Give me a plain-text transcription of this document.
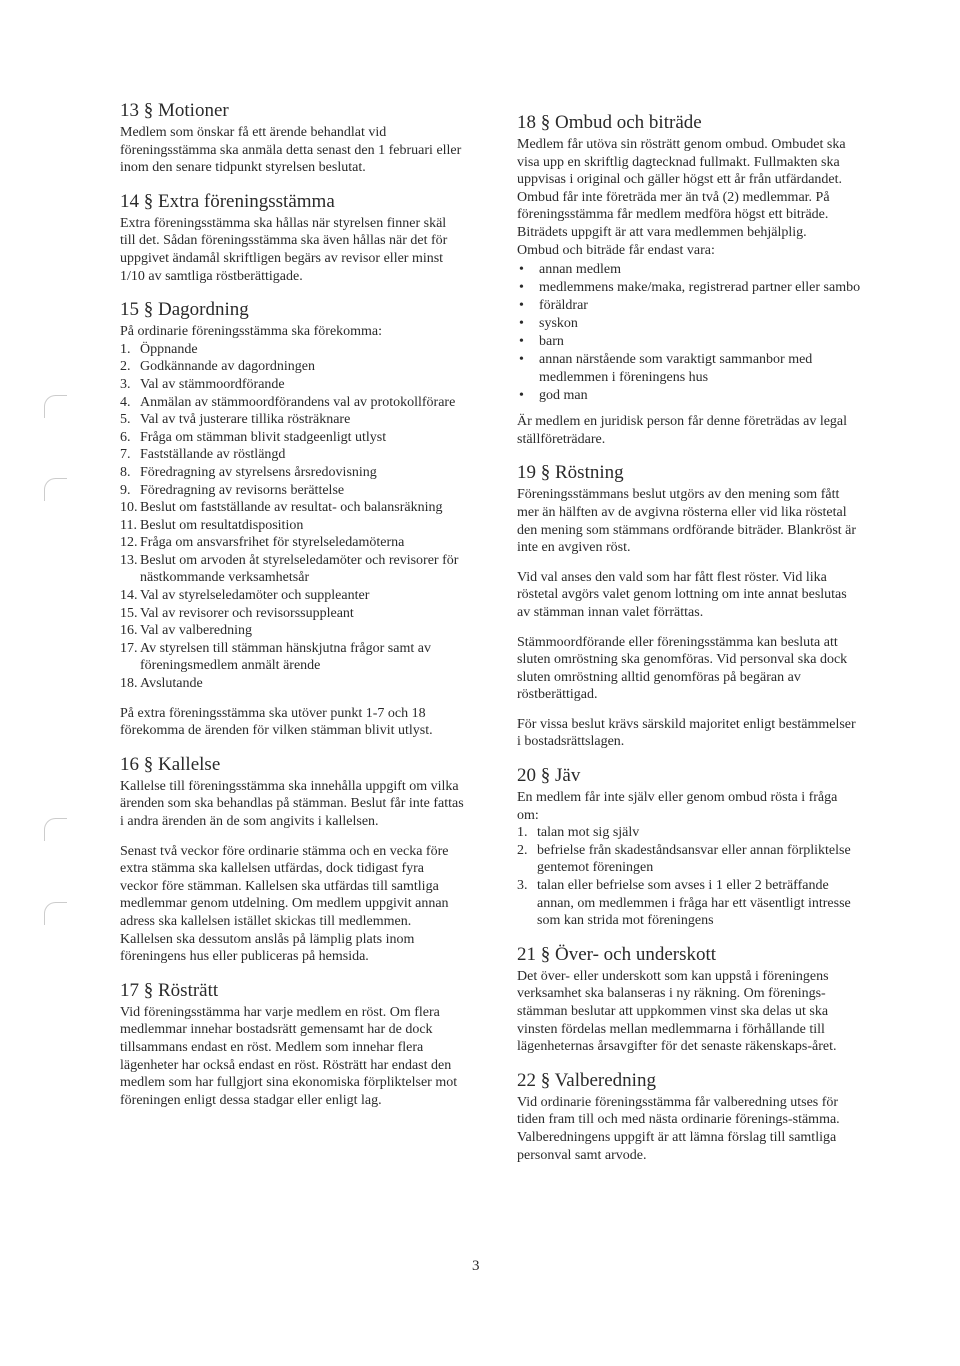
13 § Motioner

Medlem som önskar få ett ärende behandlat vid föreningsstämma ska anmäla detta senast den 1 februari eller inom den senare tidpunkt styrelsen beslutat.

14 § Extra föreningsstämma

Extra föreningsstämma ska hållas när styrelsen finner skäl till det. Sådan föreningsstämma ska även hållas när det för uppgivet ändamål skriftligen begärs av revisor eller minst 1/10 av samtliga röstberättigade.

15 § Dagordning

På ordinarie föreningsstämma ska förekomma:

1. Öppnande
2. Godkännande av dagordningen
3. Val av stämmoordförande
4. Anmälan av stämmoordförandens val av protokollförare
5. Val av två justerare tillika rösträknare
6. Fråga om stämman blivit stadgeenligt utlyst
7. Fastställande av röstlängd
8. Föredragning av styrelsens årsredovisning
9. Föredragning av revisorns berättelse
10. Beslut om fastställande av resultat- och balansräkning
11. Beslut om resultatdisposition
12. Fråga om ansvarsfrihet för styrelseledamöterna
13. Beslut om arvoden åt styrelseledamöter och revisorer för nästkommande verksamhetsår
14. Val av styrelseledamöter och suppleanter
15. Val av revisorer och revisorssuppleant
16. Val av valberedning
17. Av styrelsen till stämman hänskjutna frågor samt av föreningsmedlem anmält ärende
18. Avslutande

På extra föreningsstämma ska utöver punkt 1-7 och 18 förekomma de ärenden för vilken stämman blivit utlyst.

16 § Kallelse

Kallelse till föreningsstämma ska innehålla uppgift om vilka ärenden som ska behandlas på stämman. Beslut får inte fattas i andra ärenden än de som angivits i kallelsen.

Senast två veckor före ordinarie stämma och en vecka före extra stämma ska kallelsen utfärdas, dock tidigast fyra veckor före stämman. Kallelsen ska utfärdas till samtliga medlemmar genom utdelning. Om medlem uppgivit annan adress ska kallelsen istället skickas till medlemmen. Kallelsen ska dessutom anslås på lämplig plats inom föreningens hus eller publiceras på hemsida.

17 § Rösträtt

Vid föreningsstämma har varje medlem en röst. Om flera medlemmar innehar bostadsrätt gemensamt har de dock tillsammans endast en röst. Medlem som innehar flera lägenheter har också endast en röst. Rösträtt har endast den medlem som har fullgjort sina ekonomiska förpliktelser mot föreningen enligt dessa stadgar eller enligt lag.

18 § Ombud och biträde

Medlem får utöva sin rösträtt genom ombud. Ombudet ska visa upp en skriftlig dagtecknad fullmakt. Fullmakten ska uppvisas i original och gäller högst ett år från utfärdandet. Ombud får inte företräda mer än två (2) medlemmar. På föreningsstämma får medlem medföra högst ett biträde. Biträdets uppgift är att vara medlemmen behjälplig.

Ombud och biträde får endast vara:

•	annan medlem
•	medlemmens make/maka, registrerad partner eller sambo
•	föräldrar
•	syskon
•	barn
•	annan närstående som varaktigt sammanbor med medlemmen i föreningens hus
•	god man

Är medlem en juridisk person får denne företrädas av legal ställföreträdare.

19 § Röstning

Föreningsstämmans beslut utgörs av den mening som fått mer än hälften av de avgivna rösterna eller vid lika röstetal den mening som stämmans ordförande biträder. Blankröst är inte en avgiven röst.

Vid val anses den vald som har fått flest röster. Vid lika röstetal avgörs valet genom lottning om inte annat beslutas av stämman innan valet förrättas.

Stämmoordförande eller föreningsstämma kan besluta att sluten omröstning ska genomföras. Vid personval ska dock sluten omröstning alltid genomföras på begäran av röstberättigad.

För vissa beslut krävs särskild majoritet enligt bestämmelser i bostadsrättslagen.

20 § Jäv

En medlem får inte själv eller genom ombud rösta i fråga om:

1. talan mot sig själv
2. befrielse från skadeståndsansvar eller annan förpliktelse gentemot föreningen
3. talan eller befrielse som avses i 1 eller 2 beträffande annan, om medlemmen i fråga har ett väsentligt intresse som kan strida mot föreningens
21 § Över- och underskott

Det över- eller underskott som kan uppstå i föreningens verksamhet ska balanseras i ny räkning. Om förenings-stämman beslutar att uppkommen vinst ska delas ut ska vinsten fördelas mellan medlemmarna i förhållande till lägenheternas årsavgifter för det senaste räkenskaps-året.

22 § Valberedning

Vid ordinarie föreningsstämma får valberedning utses för tiden fram till och med nästa ordinarie förenings-stämma. Valberedningens uppgift är att lämna förslag till samtliga personval samt arvode.

3
